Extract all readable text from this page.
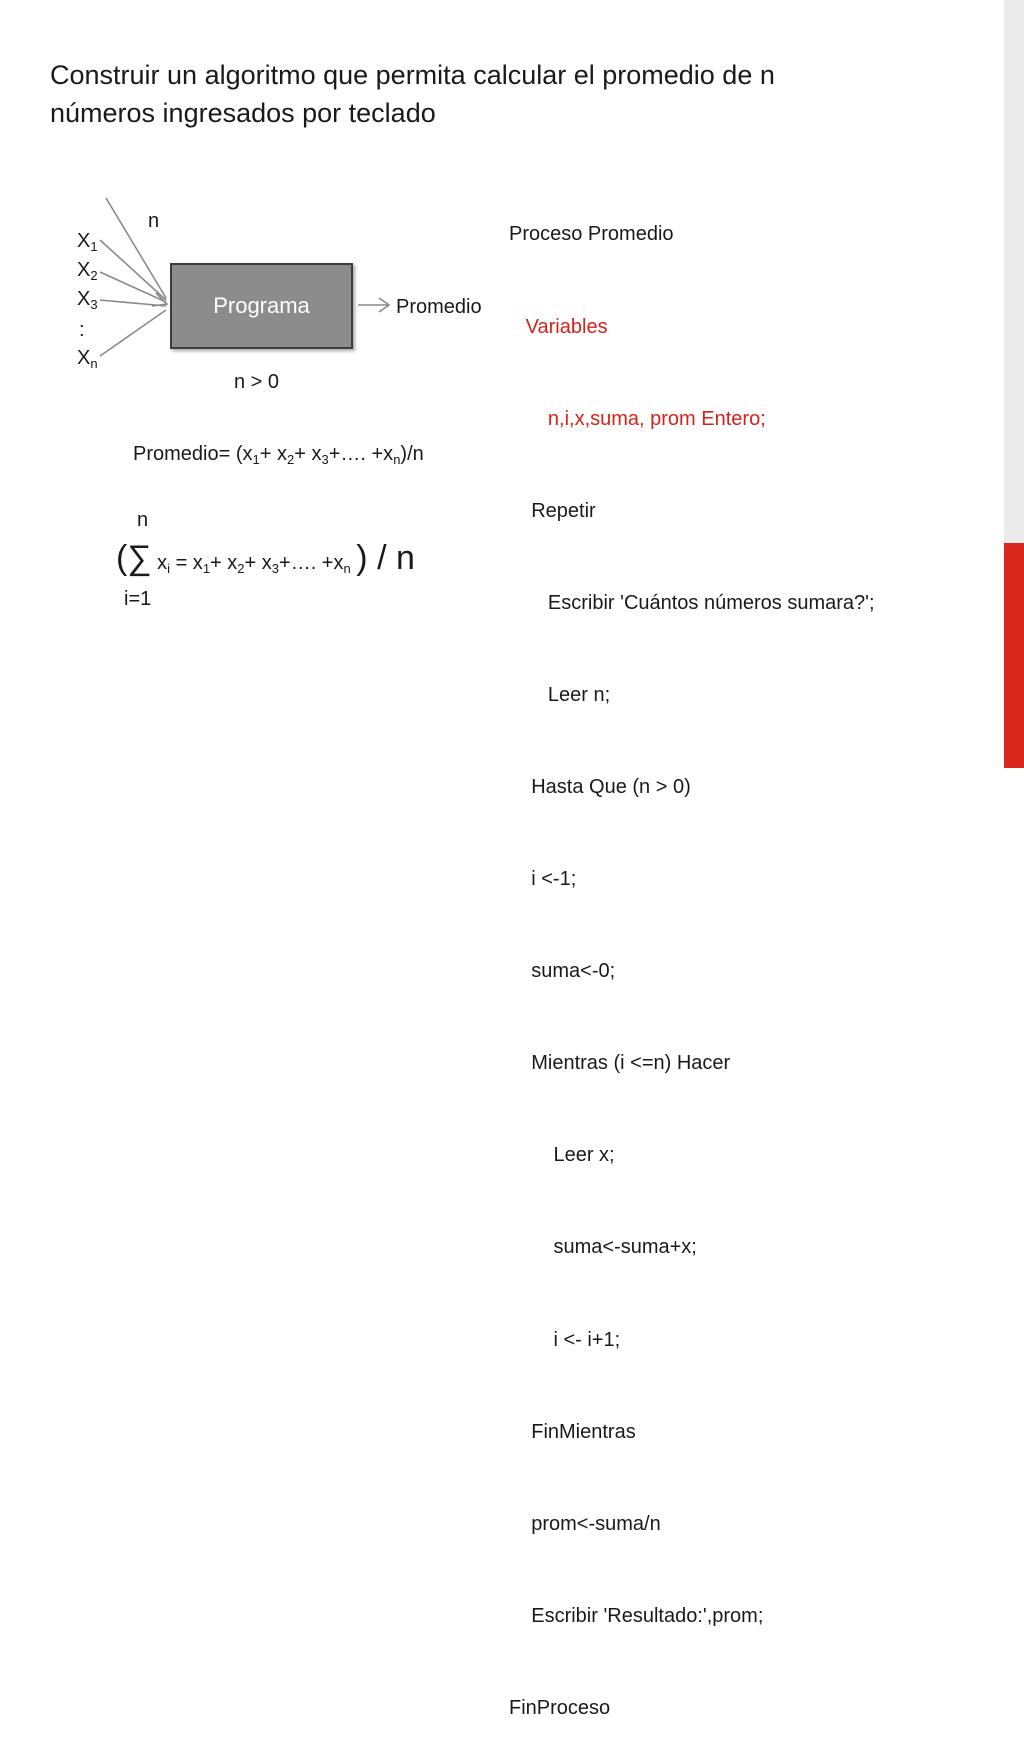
Construir un algoritmo que permita calcular el promedio de n
números ingresados por teclado
n
$X_1$
$X_2$
$X_3$
:
$X_n$
Programa	Promedio
n > 0
Promedio= ($x_1+ x_2+$ $x_3+\dots$. $+x_n)/n$
n
(∑ $x_i = x_1+ x_2+$ $x_3+\dots$. $+x_n$ ) / n
i=1

Proceso Promedio

Variables

n,i,x,suma, prom Entero;

Repetir

Escribir 'Cuántos números sumara?';

Leer n;

Hasta Que (n > 0)

i <-1;

suma<-0;

Mientras (i <=n) Hacer

Leer x;

suma<-suma+x;

i <- i+1;

FinMientras

prom<-suma/n

Escribir 'Resultado:',prom;

FinProceso
